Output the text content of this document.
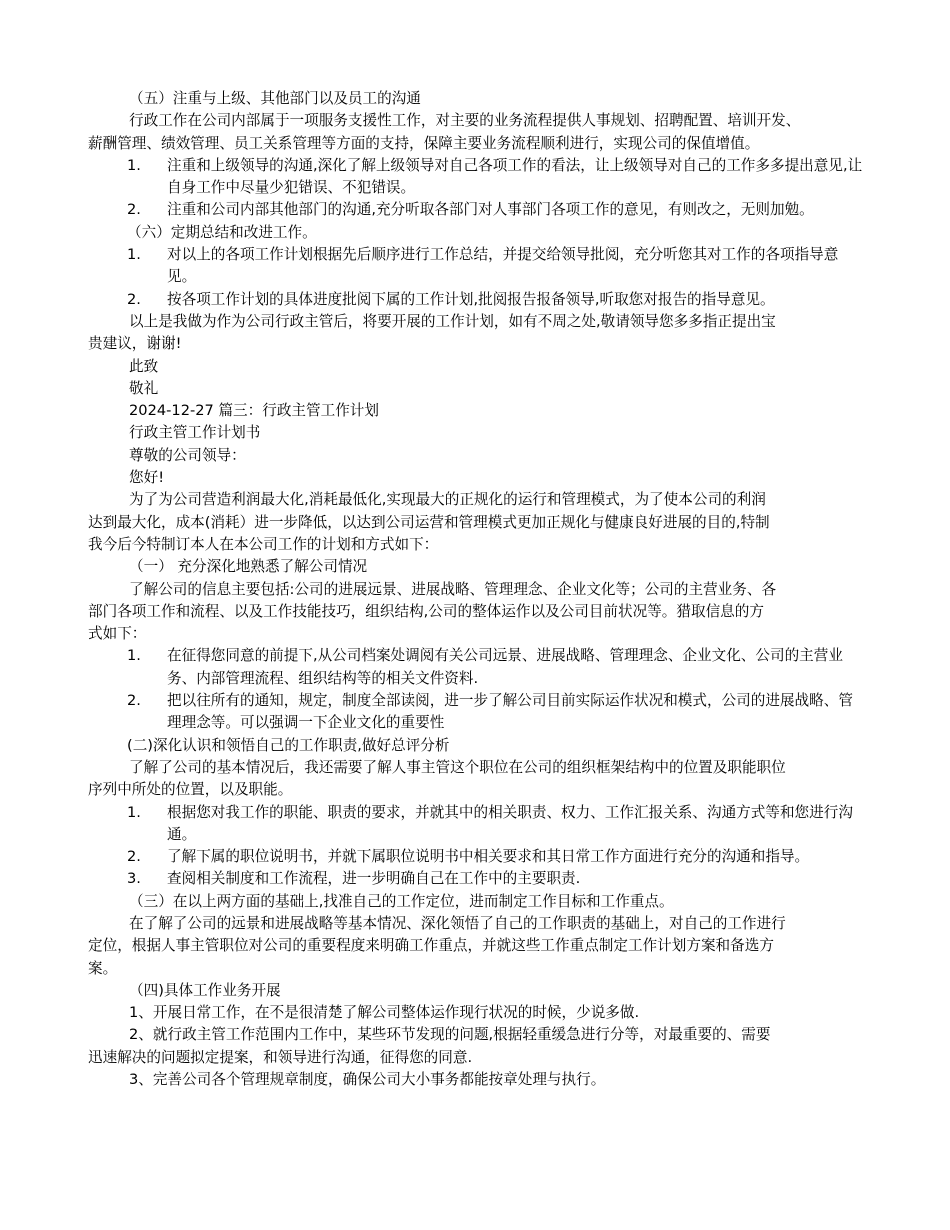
（五）注重与上级、其他部门以及员工的沟通
行政工作在公司内部属于一项服务支援性工作，对主要的业务流程提供人事规划、招聘配置、培训开发、
薪酬管理、绩效管理、员工关系管理等方面的支持，保障主要业务流程顺利进行，实现公司的保值增值。
1. 注重和上级领导的沟通,深化了解上级领导对自己各项工作的看法，让上级领导对自己的工作多多提出意见,让自身工作中尽量少犯错误、不犯错误。
2. 注重和公司内部其他部门的沟通,充分听取各部门对人事部门各项工作的意见，有则改之，无则加勉。
（六）定期总结和改进工作。
1. 对以上的各项工作计划根据先后顺序进行工作总结，并提交给领导批阅，充分听您其对工作的各项指导意见。
2. 按各项工作计划的具体进度批阅下属的工作计划,批阅报告报备领导,听取您对报告的指导意见。
以上是我做为作为公司行政主管后，将要开展的工作计划，如有不周之处,敬请领导您多多指正提出宝
贵建议，谢谢!
此致
敬礼
2024-12-27 篇三：行政主管工作计划
行政主管工作计划书
尊敬的公司领导：
您好!
为了为公司营造利润最大化,消耗最低化,实现最大的正规化的运行和管理模式，为了使本公司的利润
达到最大化，成本(消耗）进一步降低，以达到公司运营和管理模式更加正规化与健康良好进展的目的,特制
我今后今特制订本人在本公司工作的计划和方式如下：
（一） 充分深化地熟悉了解公司情况
了解公司的信息主要包括:公司的进展远景、进展战略、管理理念、企业文化等；公司的主营业务、各
部门各项工作和流程、以及工作技能技巧，组织结构,公司的整体运作以及公司目前状况等。猎取信息的方
式如下：
1. 在征得您同意的前提下,从公司档案处调阅有关公司远景、进展战略、管理理念、企业文化、公司的主营业务、内部管理流程、组织结构等的相关文件资料.
2. 把以往所有的通知，规定，制度全部读阅，进一步了解公司目前实际运作状况和模式，公司的进展战略、管理理念等。可以强调一下企业文化的重要性
(二)深化认识和领悟自己的工作职责,做好总评分析
了解了公司的基本情况后，我还需要了解人事主管这个职位在公司的组织框架结构中的位置及职能职位
序列中所处的位置，以及职能。
1. 根据您对我工作的职能、职责的要求，并就其中的相关职责、权力、工作汇报关系、沟通方式等和您进行沟通。
2. 了解下属的职位说明书，并就下属职位说明书中相关要求和其日常工作方面进行充分的沟通和指导。
3. 查阅相关制度和工作流程，进一步明确自己在工作中的主要职责.
（三）在以上两方面的基础上,找准自己的工作定位，进而制定工作目标和工作重点。
在了解了公司的远景和进展战略等基本情况、深化领悟了自己的工作职责的基础上，对自己的工作进行
定位，根据人事主管职位对公司的重要程度来明确工作重点，并就这些工作重点制定工作计划方案和备选方
案。
（四)具体工作业务开展
1、开展日常工作，在不是很清楚了解公司整体运作现行状况的时候，少说多做.
2、就行政主管工作范围内工作中，某些环节发现的问题,根据轻重缓急进行分等，对最重要的、需要
迅速解决的问题拟定提案，和领导进行沟通，征得您的同意.
3、完善公司各个管理规章制度，确保公司大小事务都能按章处理与执行。
